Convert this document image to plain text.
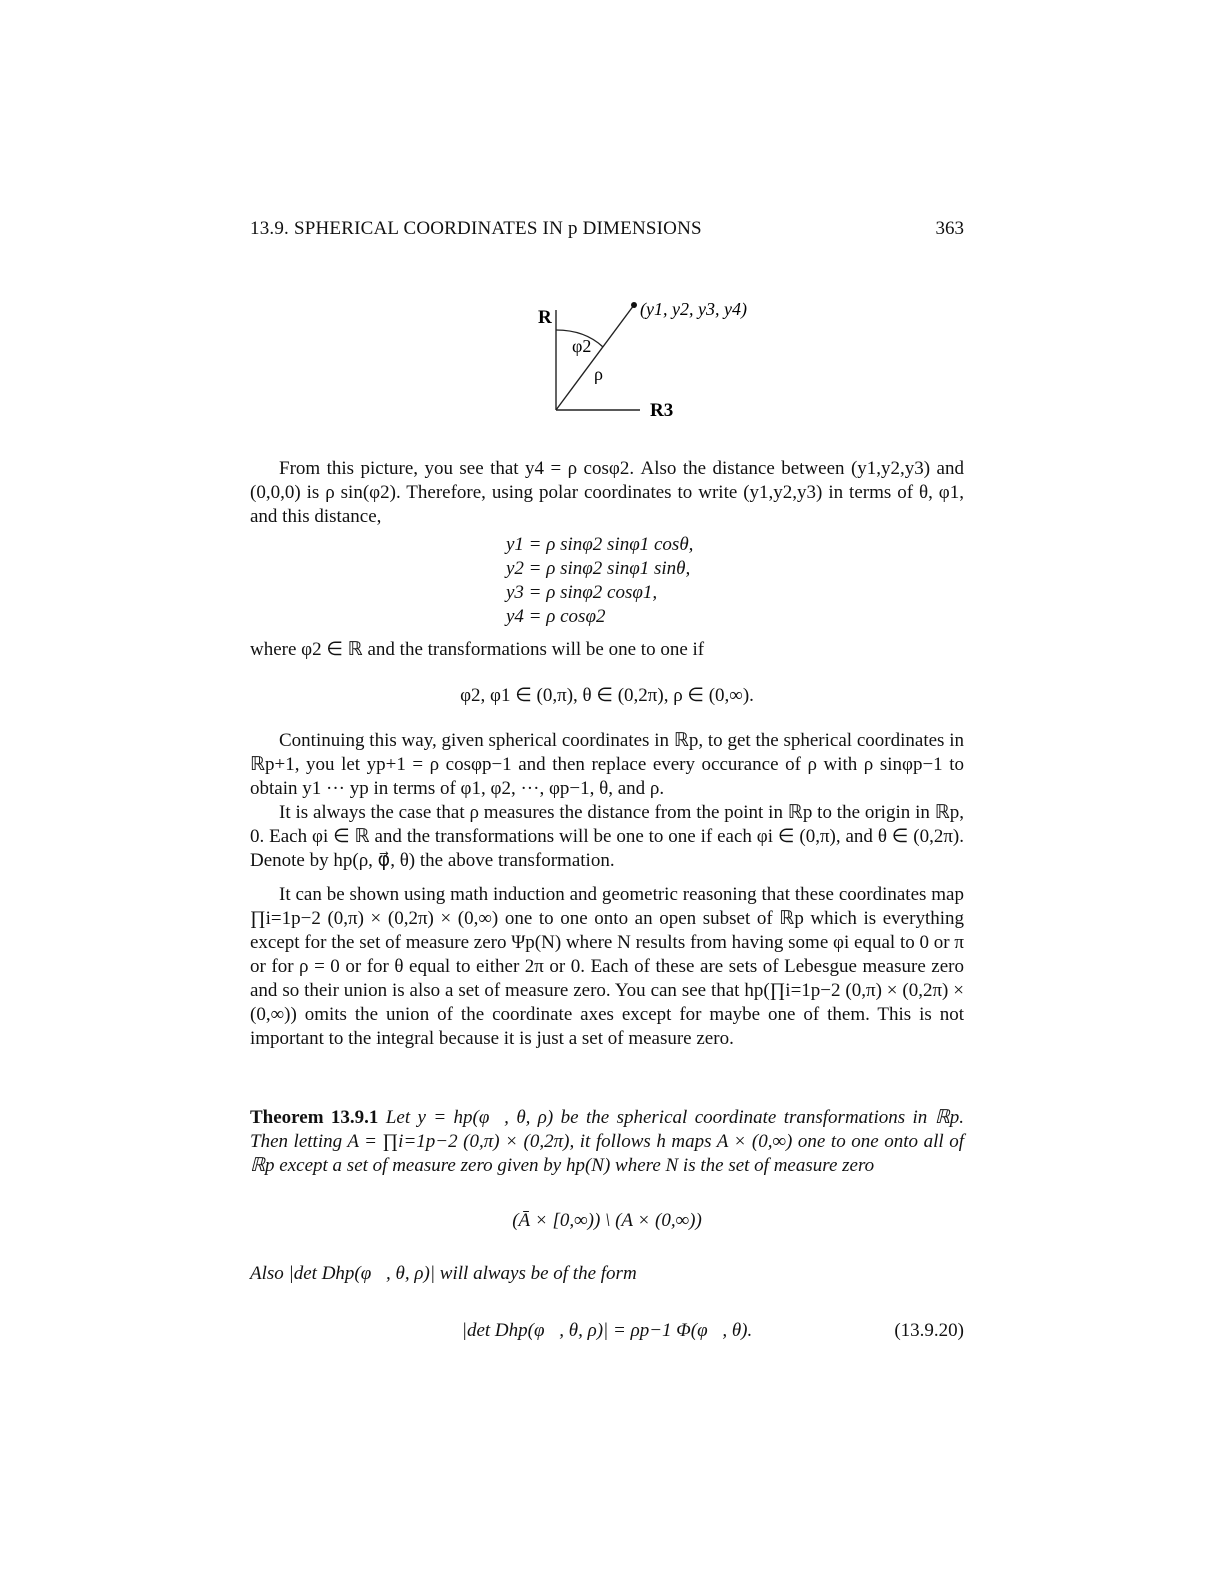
13.9. SPHERICAL COORDINATES IN p DIMENSIONS	363
R	(y1, y2, y3, y4)
φ2
ρ
R3

From this picture, you see that y4 = ρ cosφ2. Also the distance between (y1,y2,y3) and (0,0,0) is ρ sin(φ2). Therefore, using polar coordinates to write (y1,y2,y3) in terms of θ, φ1, and this distance,

y1 = ρ sinφ2 sinφ1 cosθ,
y2 = ρ sinφ2 sinφ1 sinθ,
y3 = ρ sinφ2 cosφ1,
y4 = ρ cosφ2

where φ2 ∈ ℝ and the transformations will be one to one if

φ2, φ1 ∈ (0,π), θ ∈ (0,2π), ρ ∈ (0,∞).

Continuing this way, given spherical coordinates in ℝp, to get the spherical coordinates in ℝp+1, you let yp+1 = ρ cosφp−1 and then replace every occurance of ρ with ρ sinφp−1 to obtain y1 ··· yp in terms of φ1, φ2, ···, φp−1, θ, and ρ.

It is always the case that ρ measures the distance from the point in ℝp to the origin in ℝp, 0. Each φi ∈ ℝ and the transformations will be one to one if each φi ∈ (0,π), and θ ∈ (0,2π). Denote by hp(ρ, φ⃗, θ) the above transformation.

It can be shown using math induction and geometric reasoning that these coordinates map ∏i=1p−2 (0,π) × (0,2π) × (0,∞) one to one onto an open subset of ℝp which is everything except for the set of measure zero Ψp(N) where N results from having some φi equal to 0 or π or for ρ = 0 or for θ equal to either 2π or 0. Each of these are sets of Lebesgue measure zero and so their union is also a set of measure zero. You can see that hp(∏i=1p−2 (0,π) × (0,2π) × (0,∞)) omits the union of the coordinate axes except for maybe one of them. This is not important to the integral because it is just a set of measure zero.

Theorem 13.9.1 Let y = hp(φ⃗, θ, ρ) be the spherical coordinate transformations in ℝp. Then letting A = ∏i=1p−2 (0,π) × (0,2π), it follows h maps A × (0,∞) one to one onto all of ℝp except a set of measure zero given by hp(N) where N is the set of measure zero

(Ā × [0,∞)) \ (A × (0,∞))
Also |det Dhp(φ⃗, θ, ρ)| will always be of the form
|det Dhp(φ⃗, θ, ρ)| = ρp−1 Φ(φ⃗, θ).	(13.9.20)
